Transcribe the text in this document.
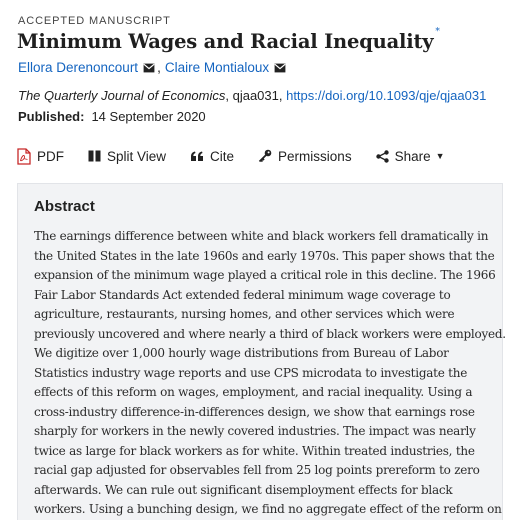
ACCEPTED MANUSCRIPT
Minimum Wages and Racial Inequality *
Ellora Derenoncourt , Claire Montialoux
The Quarterly Journal of Economics, qjaa031, https://doi.org/10.1093/qje/qjaa031
Published: 14 September 2020
PDF	Split View	Cite	Permissions	Share ▼
Abstract
The earnings difference between white and black workers fell dramatically in
the United States in the late 1960s and early 1970s. This paper shows that the
expansion of the minimum wage played a critical role in this decline. The 1966
Fair Labor Standards Act extended federal minimum wage coverage to
agriculture, restaurants, nursing homes, and other services which were
previously uncovered and where nearly a third of black workers were employed.
We digitize over 1,000 hourly wage distributions from Bureau of Labor
Statistics industry wage reports and use CPS microdata to investigate the
effects of this reform on wages, employment, and racial inequality. Using a
cross-industry difference-in-differences design, we show that earnings rose
sharply for workers in the newly covered industries. The impact was nearly
twice as large for black workers as for white. Within treated industries, the
racial gap adjusted for observables fell from 25 log points prereform to zero
afterwards. We can rule out significant disemployment effects for black
workers. Using a bunching design, we find no aggregate effect of the reform on
